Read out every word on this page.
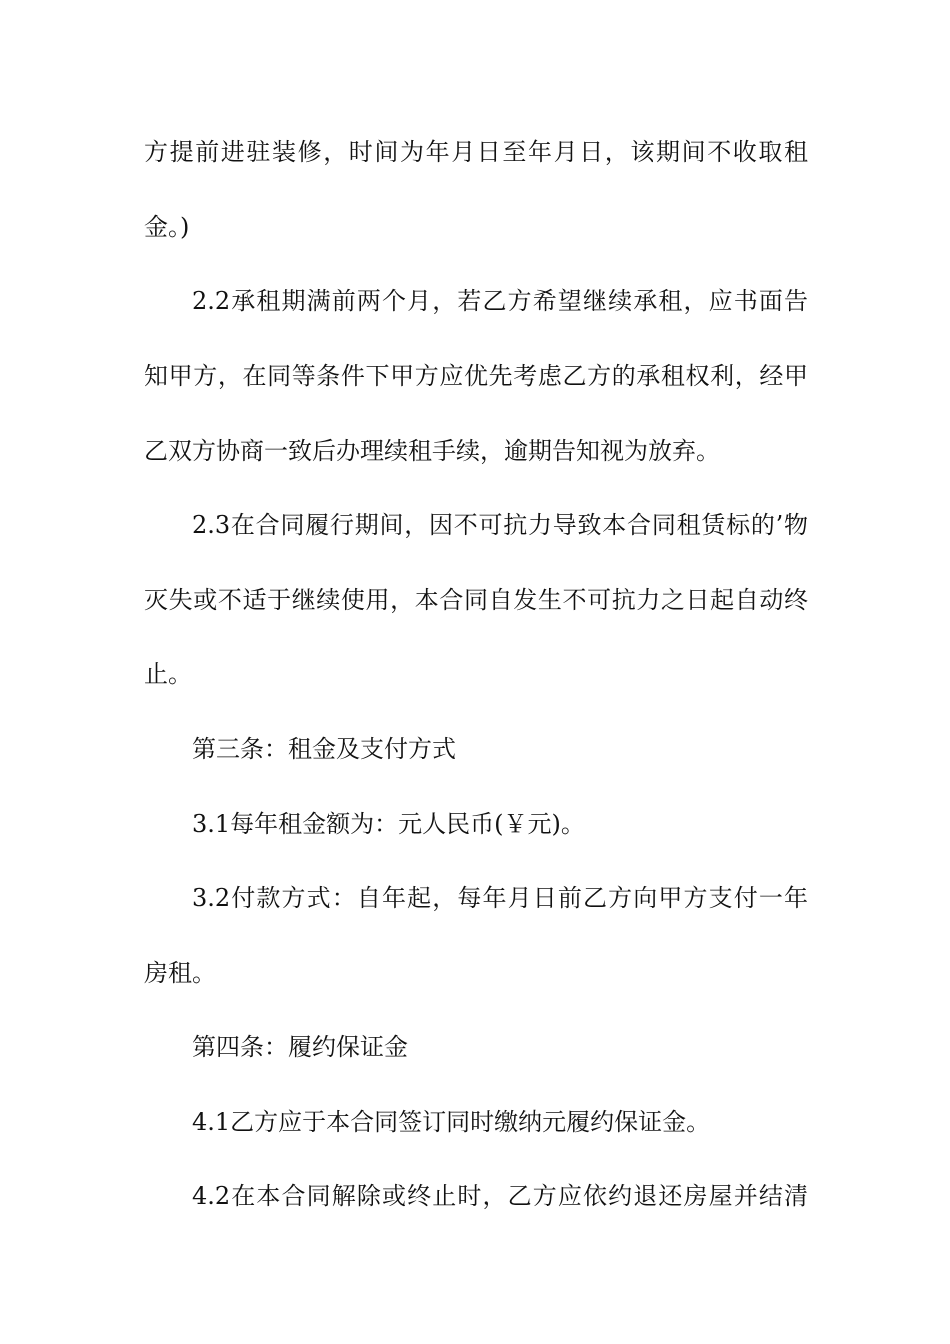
方提前进驻装修，时间为年月日至年月日，该期间不收取租
金。)
2.2承租期满前两个月，若乙方希望继续承租，应书面告
知甲方，在同等条件下甲方应优先考虑乙方的承租权利，经甲
乙双方协商一致后办理续租手续，逾期告知视为放弃。
2.3在合同履行期间，因不可抗力导致本合同租赁标的’物
灭失或不适于继续使用，本合同自发生不可抗力之日起自动终
止。
第三条：租金及支付方式
3.1每年租金额为：元人民币(￥元)。
3.2付款方式：自年起，每年月日前乙方向甲方支付一年
房租。
第四条：履约保证金
4.1乙方应于本合同签订同时缴纳元履约保证金。
4.2在本合同解除或终止时，乙方应依约退还房屋并结清
